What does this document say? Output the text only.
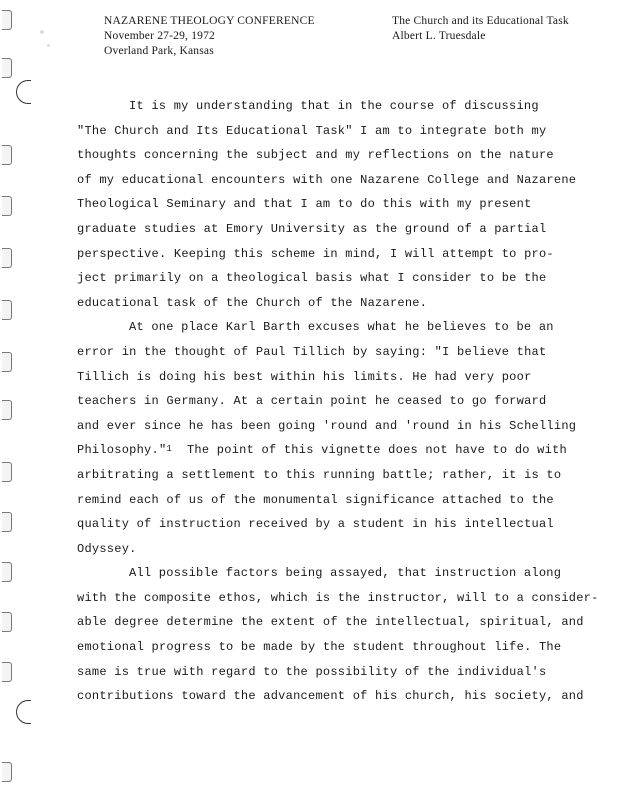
NAZARENE THEOLOGY CONFERENCE
November 27-29, 1972
Overland Park, Kansas
The Church and its Educational Task
Albert L. Truesdale
It is my understanding that in the course of discussing
"The Church and Its Educational Task" I am to integrate both my
thoughts concerning the subject and my reflections on the nature
of my educational encounters with one Nazarene College and Nazarene
Theological Seminary and that I am to do this with my present
graduate studies at Emory University as the ground of a partial
perspective. Keeping this scheme in mind, I will attempt to pro-
ject primarily on a theological basis what I consider to be the
educational task of the Church of the Nazarene.
At one place Karl Barth excuses what he believes to be an
error in the thought of Paul Tillich by saying: "I believe that
Tillich is doing his best within his limits. He had very poor
teachers in Germany. At a certain point he ceased to go forward
and ever since he has been going 'round and 'round in his Schelling
Philosophy."$^1$  The point of this vignette does not have to do with
arbitrating a settlement to this running battle; rather, it is to
remind each of us of the monumental significance attached to the
quality of instruction received by a student in his intellectual
Odyssey.
All possible factors being assayed, that instruction along
with the composite ethos, which is the instructor, will to a consider-
able degree determine the extent of the intellectual, spiritual, and
emotional progress to be made by the student throughout life. The
same is true with regard to the possibility of the individual's
contributions toward the advancement of his church, his society, and
